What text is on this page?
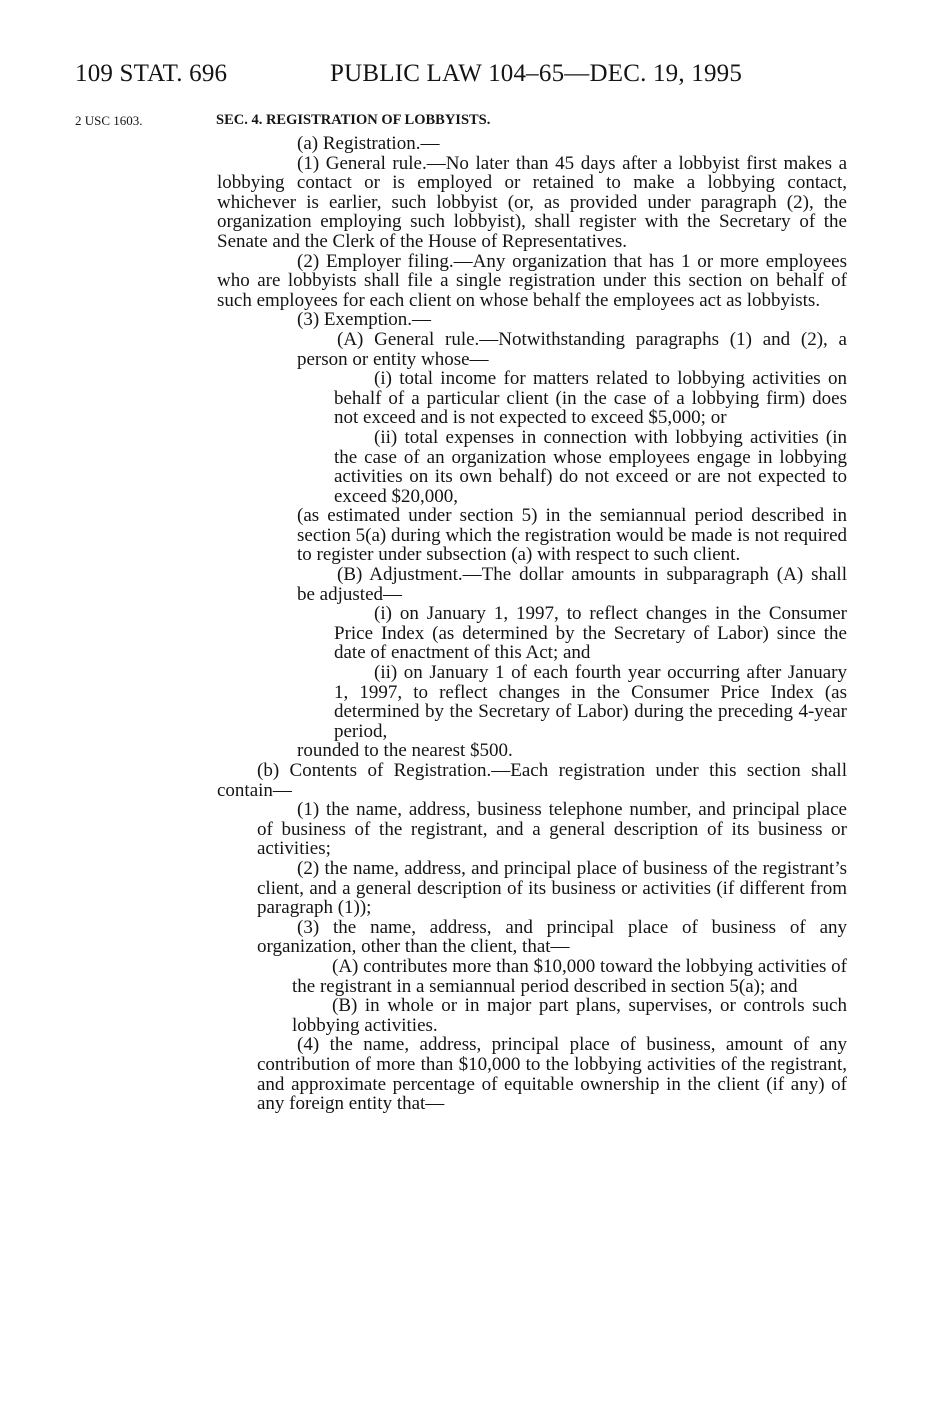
109 STAT. 696	PUBLIC LAW 104–65—DEC. 19, 1995
2 USC 1603.	SEC. 4. REGISTRATION OF LOBBYISTS.

(a) Registration.—

(1) General rule.—No later than 45 days after a lobbyist first makes a lobbying contact or is employed or retained to make a lobbying contact, whichever is earlier, such lobbyist (or, as provided under paragraph (2), the organization employing such lobbyist), shall register with the Secretary of the Senate and the Clerk of the House of Representatives.

(2) Employer filing.—Any organization that has 1 or more employees who are lobbyists shall file a single registration under this section on behalf of such employees for each client on whose behalf the employees act as lobbyists.

(3) Exemption.—

(A) General rule.—Notwithstanding paragraphs (1) and (2), a person or entity whose—

(i) total income for matters related to lobbying activities on behalf of a particular client (in the case of a lobbying firm) does not exceed and is not expected to exceed $5,000; or

(ii) total expenses in connection with lobbying activities (in the case of an organization whose employees engage in lobbying activities on its own behalf) do not exceed or are not expected to exceed $20,000,

(as estimated under section 5) in the semiannual period described in section 5(a) during which the registration would be made is not required to register under subsection (a) with respect to such client.

(B) Adjustment.—The dollar amounts in subparagraph (A) shall be adjusted—

(i) on January 1, 1997, to reflect changes in the Consumer Price Index (as determined by the Secretary of Labor) since the date of enactment of this Act; and

(ii) on January 1 of each fourth year occurring after January 1, 1997, to reflect changes in the Consumer Price Index (as determined by the Secretary of Labor) during the preceding 4-year period,

rounded to the nearest $500.

(b) Contents of Registration.—Each registration under this section shall contain—

(1) the name, address, business telephone number, and principal place of business of the registrant, and a general description of its business or activities;

(2) the name, address, and principal place of business of the registrant’s client, and a general description of its business or activities (if different from paragraph (1));

(3) the name, address, and principal place of business of any organization, other than the client, that—

(A) contributes more than $10,000 toward the lobbying activities of the registrant in a semiannual period described in section 5(a); and

(B) in whole or in major part plans, supervises, or controls such lobbying activities.

(4) the name, address, principal place of business, amount of any contribution of more than $10,000 to the lobbying activities of the registrant, and approximate percentage of equitable ownership in the client (if any) of any foreign entity that—
